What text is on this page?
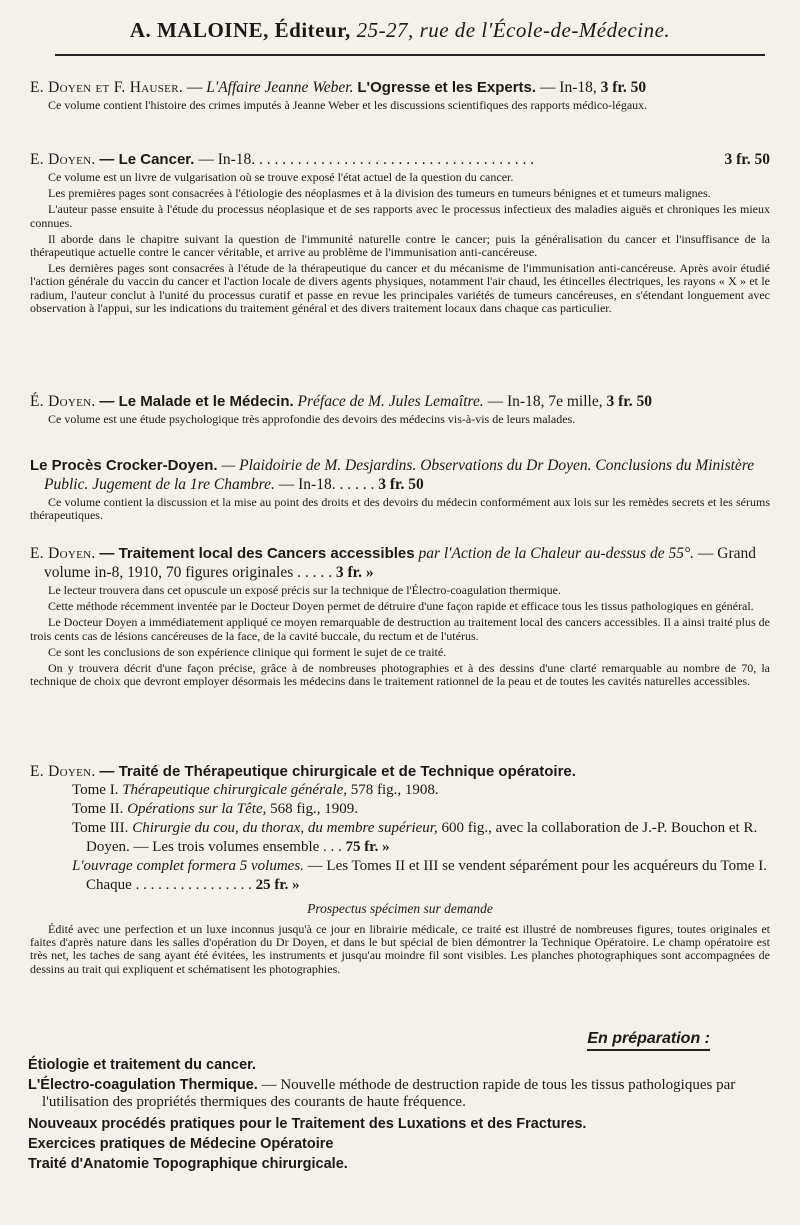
A. MALOINE, Éditeur, 25-27, rue de l'École-de-Médecine.
E. Doyen et F. Hauser. — L'Affaire Jeanne Weber. L'Ogresse et les Experts. — In-18, 3 fr. 50

Ce volume contient l'histoire des crimes imputés à Jeanne Weber et les discussions scientifiques des rapports médico-légaux.

E. Doyen. — Le Cancer. — In-18. . . . . . . . . . . . . . . . . . . . . . . . . . . . . . . . . . . . .	3 fr. 50

Ce volume est un livre de vulgarisation où se trouve exposé l'état actuel de la question du cancer.

Les premières pages sont consacrées à l'étiologie des néoplasmes et à la division des tumeurs en tumeurs bénignes et et tumeurs malignes.

L'auteur passe ensuite à l'étude du processus néoplasique et de ses rapports avec le processus infectieux des maladies aiguës et chroniques les mieux connues.

Il aborde dans le chapitre suivant la question de l'immunité naturelle contre le cancer; puis la généralisation du cancer et l'insuffisance de la thérapeutique actuelle contre le cancer véritable, et arrive au problème de l'immunisation anti-cancéreuse.

Les dernières pages sont consacrées à l'étude de la thérapeutique du cancer et du mécanisme de l'immunisation anti-cancéreuse. Après avoir étudié l'action générale du vaccin du cancer et l'action locale de divers agents physiques, notamment l'air chaud, les étincelles électriques, les rayons « X » et le radium, l'auteur conclut à l'unité du processus curatif et passe en revue les principales variétés de tumeurs cancéreuses, en s'étendant longuement avec observation à l'appui, sur les indications du traitement général et des divers traitement locaux dans chaque cas particulier.

É. Doyen. — Le Malade et le Médecin. Préface de M. Jules Lemaître. — In-18, 7e mille, 3 fr. 50

Ce volume est une étude psychologique très approfondie des devoirs des médecins vis-à-vis de leurs malades.

Le Procès Crocker-Doyen. — Plaidoirie de M. Desjardins. Observations du Dr Doyen. Conclusions du Ministère Public. Jugement de la 1re Chambre. — In-18. . . . . . 3 fr. 50

Ce volume contient la discussion et la mise au point des droits et des devoirs du médecin conformément aux lois sur les remèdes secrets et les sérums thérapeutiques.

E. Doyen. — Traitement local des Cancers accessibles par l'Action de la Chaleur au-dessus de 55°. — Grand volume in-8, 1910, 70 figures originales . . . . . 3 fr. »

Le lecteur trouvera dans cet opuscule un exposé précis sur la technique de l'Électro-coagulation thermique.

Cette méthode récemment inventée par le Docteur Doyen permet de détruire d'une façon rapide et efficace tous les tissus pathologiques en général.

Le Docteur Doyen a immédiatement appliqué ce moyen remarquable de destruction au traitement local des cancers accessibles. Il a ainsi traité plus de trois cents cas de lésions cancéreuses de la face, de la cavité buccale, du rectum et de l'utérus.

Ce sont les conclusions de son expérience clinique qui forment le sujet de ce traité.

On y trouvera décrit d'une façon précise, grâce à de nombreuses photographies et à des dessins d'une clarté remarquable au nombre de 70, la technique de choix que devront employer désormais les médecins dans le traitement rationnel de la peau et de toutes les cavités naturelles accessibles.

E. Doyen. — Traité de Thérapeutique chirurgicale et de Technique opératoire.
Tome I. Thérapeutique chirurgicale générale, 578 fig., 1908.
Tome II. Opérations sur la Tête, 568 fig., 1909.
Tome III. Chirurgie du cou, du thorax, du membre supérieur, 600 fig., avec la collaboration de J.-P. Bouchon et R. Doyen. — Les trois volumes ensemble . . . 75 fr. »
L'ouvrage complet formera 5 volumes. — Les Tomes II et III se vendent séparément pour les acquéreurs du Tome I. Chaque . . . . . . . . . . . . . . . . 25 fr. »
Prospectus spécimen sur demande

Édité avec une perfection et un luxe inconnus jusqu'à ce jour en librairie médicale, ce traité est illustré de nombreuses figures, toutes originales et faites d'après nature dans les salles d'opération du Dr Doyen, et dans le but spécial de bien démontrer la Technique Opératoire. Le champ opératoire est très net, les taches de sang ayant été évitées, les instruments et jusqu'au moindre fil sont visibles. Les planches photographiques sont accompagnées de dessins au trait qui expliquent et schématisent les photographies.

En préparation :
Étiologie et traitement du cancer.
L'Électro-coagulation Thermique. — Nouvelle méthode de destruction rapide de tous les tissus pathologiques par l'utilisation des propriétés thermiques des courants de haute fréquence.
Nouveaux procédés pratiques pour le Traitement des Luxations et des Fractures.
Exercices pratiques de Médecine Opératoire
Traité d'Anatomie Topographique chirurgicale.
